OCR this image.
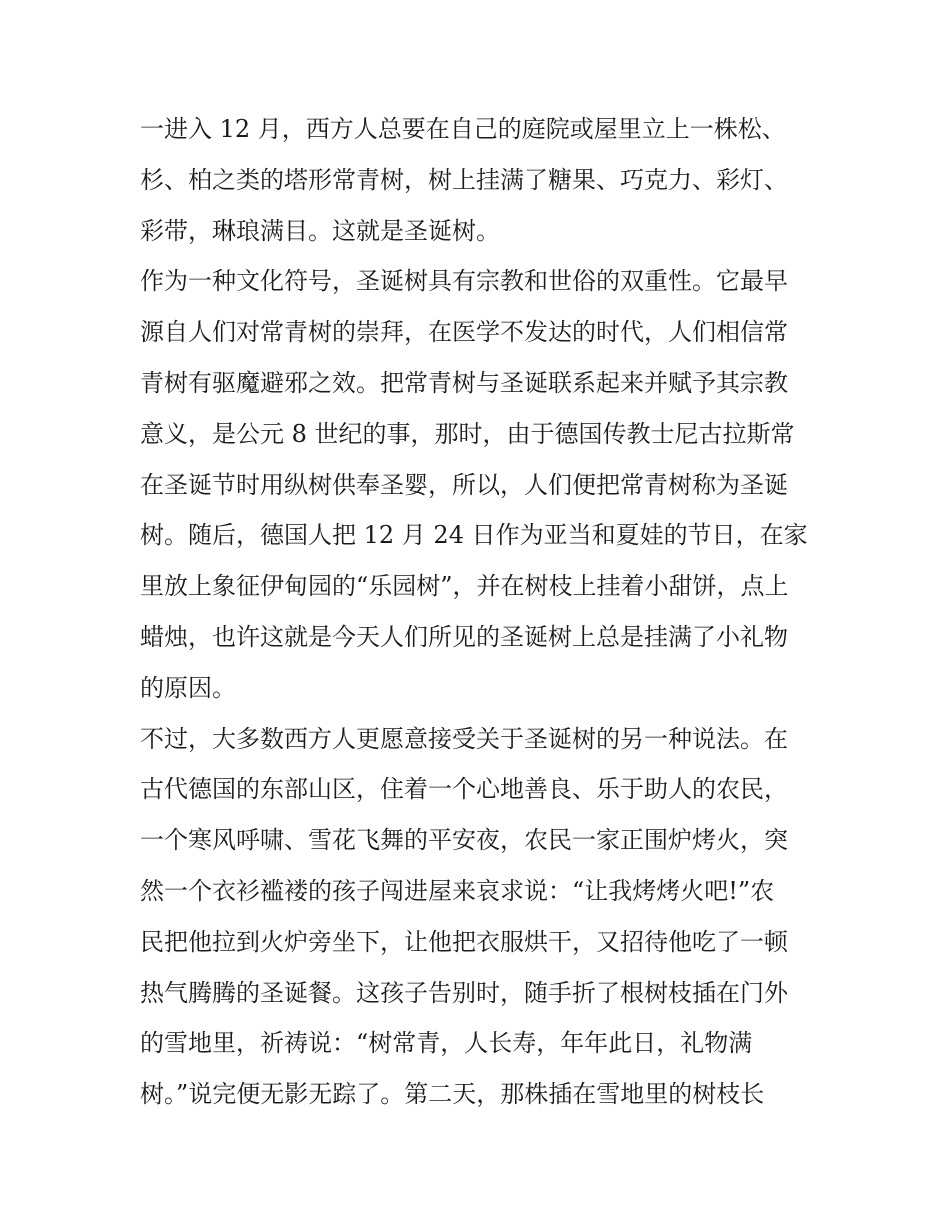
一进入 12 月，西方人总要在自己的庭院或屋里立上一株松、
杉、柏之类的塔形常青树，树上挂满了糖果、巧克力、彩灯、
彩带，琳琅满目。这就是圣诞树。
作为一种文化符号，圣诞树具有宗教和世俗的双重性。它最早
源自人们对常青树的崇拜，在医学不发达的时代，人们相信常
青树有驱魔避邪之效。把常青树与圣诞联系起来并赋予其宗教
意义，是公元 8 世纪的事，那时，由于德国传教士尼古拉斯常
在圣诞节时用纵树供奉圣婴，所以，人们便把常青树称为圣诞
树。随后，德国人把 12 月 24 日作为亚当和夏娃的节日，在家
里放上象征伊甸园的“乐园树”，并在树枝上挂着小甜饼，点上
蜡烛，也许这就是今天人们所见的圣诞树上总是挂满了小礼物
的原因。
不过，大多数西方人更愿意接受关于圣诞树的另一种说法。在
古代德国的东部山区，住着一个心地善良、乐于助人的农民，
一个寒风呼啸、雪花飞舞的平安夜，农民一家正围炉烤火，突
然一个衣衫褴褛的孩子闯进屋来哀求说：“让我烤烤火吧!”农
民把他拉到火炉旁坐下，让他把衣服烘干，又招待他吃了一顿
热气腾腾的圣诞餐。这孩子告别时，随手折了根树枝插在门外
的雪地里，祈祷说：“树常青，人长寿，年年此日，礼物满
树。”说完便无影无踪了。第二天，那株插在雪地里的树枝长
